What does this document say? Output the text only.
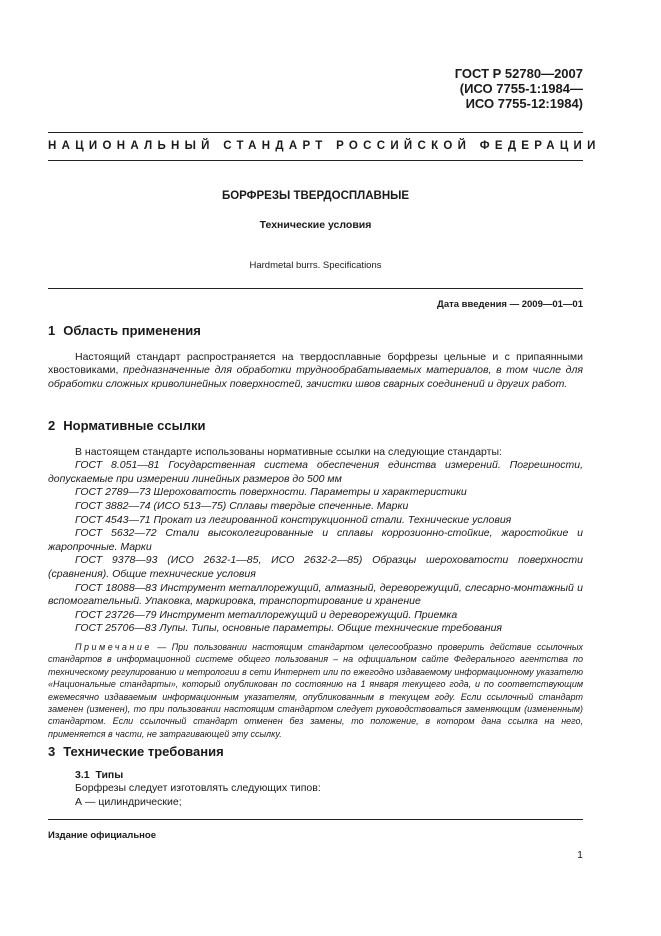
ГОСТ Р 52780—2007
(ИСО 7755-1:1984—
ИСО 7755-12:1984)
НАЦИОНАЛЬНЫЙ СТАНДАРТ РОССИЙСКОЙ ФЕДЕРАЦИИ
БОРФРЕЗЫ ТВЕРДОСПЛАВНЫЕ
Технические условия
Hardmetal burrs. Specifications
Дата введения — 2009—01—01
1 Область применения

Настоящий стандарт распространяется на твердосплавные борфрезы цельные и с припаянными хвостовиками, предназначенные для обработки труднообрабатываемых материалов, в том числе для обработки сложных криволинейных поверхностей, зачистки швов сварных соединений и других работ.

2 Нормативные ссылки

В настоящем стандарте использованы нормативные ссылки на следующие стандарты:

ГОСТ 8.051—81 Государственная система обеспечения единства измерений. Погрешности, допускаемые при измерении линейных размеров до 500 мм

ГОСТ 2789—73 Шероховатость поверхности. Параметры и характеристики

ГОСТ 3882—74 (ИСО 513—75) Сплавы твердые спеченные. Марки

ГОСТ 4543—71 Прокат из легированной конструкционной стали. Технические условия

ГОСТ 5632—72 Стали высоколегированные и сплавы коррозионно-стойкие, жаростойкие и жаропрочные. Марки

ГОСТ 9378—93 (ИСО 2632-1—85, ИСО 2632-2—85) Образцы шероховатости поверхности (сравнения). Общие технические условия

ГОСТ 18088—83 Инструмент металлорежущий, алмазный, дереворежущий, слесарно-монтажный и вспомогательный. Упаковка, маркировка, транспортирование и хранение

ГОСТ 23726—79 Инструмент металлорежущий и дереворежущий. Приемка

ГОСТ 25706—83 Лупы. Типы, основные параметры. Общие технические требования

Примечание — При пользовании настоящим стандартом целесообразно проверить действие ссылочных стандартов в информационной системе общего пользования – на официальном сайте Федерального агентства по техническому регулированию и метрологии в сети Интернет или по ежегодно издаваемому информационному указателю «Национальные стандарты», который опубликован по состоянию на 1 января текущего года, и по соответствующим ежемесячно издаваемым информационным указателям, опубликованным в текущем году. Если ссылочный стандарт заменен (изменен), то при пользовании настоящим стандартом следует руководствоваться заменяющим (измененным) стандартом. Если ссылочный стандарт отменен без замены, то положение, в котором дана ссылка на него, применяется в части, не затрагивающей эту ссылку.

3 Технические требования

3.1 Типы

Борфрезы следует изготовлять следующих типов:

А — цилиндрические;

Издание официальное
1
